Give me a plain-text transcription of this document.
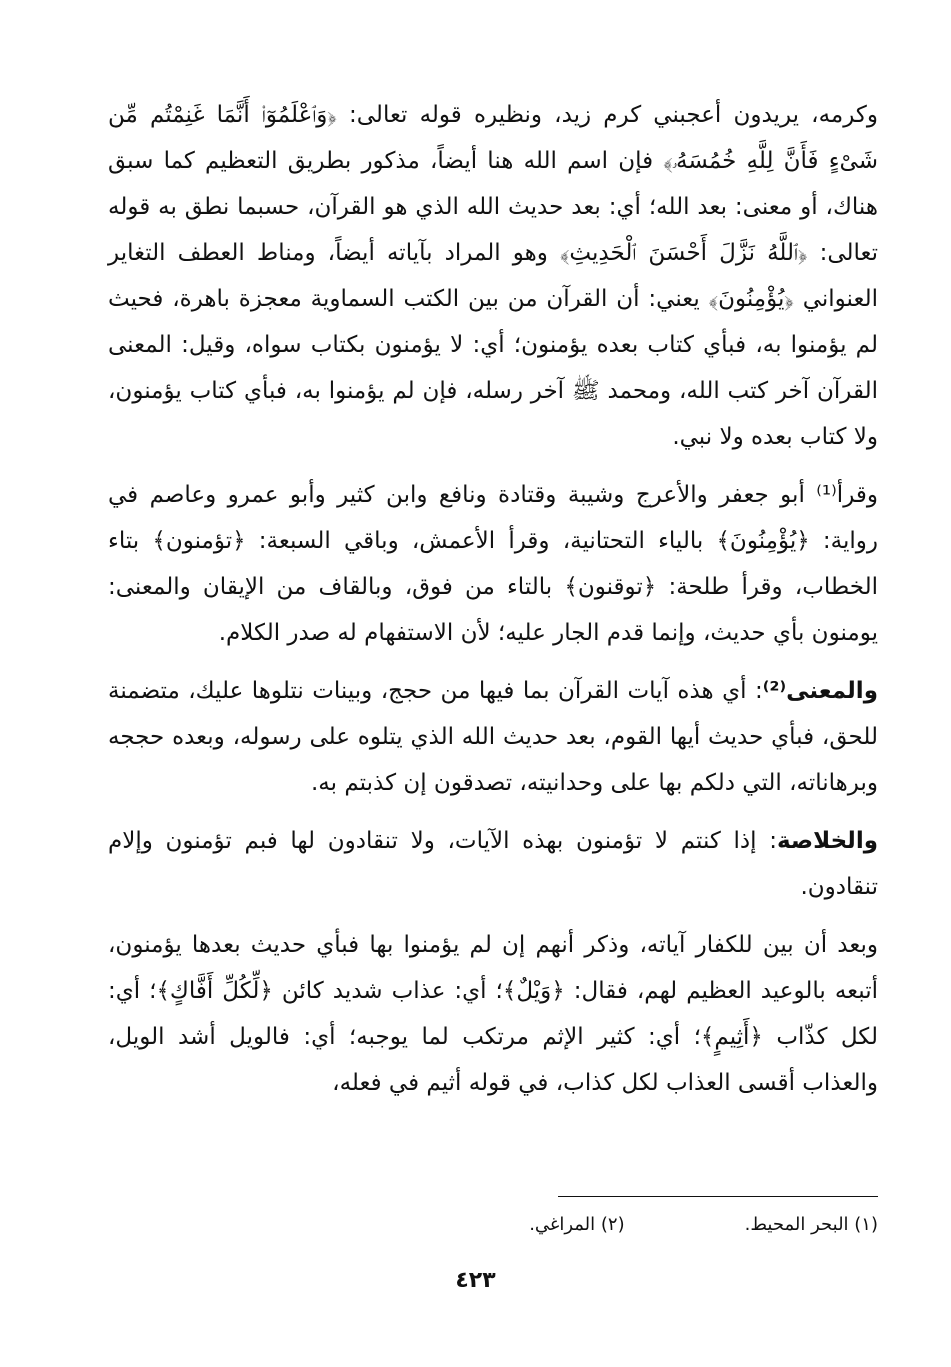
وكرمه، يريدون أعجبني كرم زيد، ونظيره قوله تعالى: ﴿وَٱعْلَمُوٓا۟ أَنَّمَا غَنِمْتُم مِّن شَىْءٍ فَأَنَّ لِلَّهِ خُمُسَهُۥ﴾ فإن اسم الله هنا أيضاً، مذكور بطريق التعظيم كما سبق هناك، أو معنى: بعد الله؛ أي: بعد حديث الله الذي هو القرآن، حسبما نطق به قوله تعالى: ﴿ٱللَّهُ نَزَّلَ أَحْسَنَ ٱلْحَدِيثِ﴾ وهو المراد بآياته أيضاً، ومناط العطف التغاير العنواني ﴿يُؤْمِنُونَ﴾ يعني: أن القرآن من بين الكتب السماوية معجزة باهرة، فحيث لم يؤمنوا به، فبأي كتاب بعده يؤمنون؛ أي: لا يؤمنون بكتاب سواه، وقيل: المعنى القرآن آخر كتب الله، ومحمد ﷺ آخر رسله، فإن لم يؤمنوا به، فبأي كتاب يؤمنون، ولا كتاب بعده ولا نبي.

وقرأ⁽¹⁾ أبو جعفر والأعرج وشيبة وقتادة ونافع وابن كثير وأبو عمرو وعاصم في رواية: ﴿يُؤْمِنُونَ﴾ بالياء التحتانية، وقرأ الأعمش، وباقي السبعة: ﴿تؤمنون﴾ بتاء الخطاب، وقرأ طلحة: ﴿توقنون﴾ بالتاء من فوق، وبالقاف من الإيقان والمعنى: يومنون بأي حديث، وإنما قدم الجار عليه؛ لأن الاستفهام له صدر الكلام.

والمعنى⁽²⁾: أي هذه آيات القرآن بما فيها من حجج، وبينات نتلوها عليك، متضمنة للحق، فبأي حديث أيها القوم، بعد حديث الله الذي يتلوه على رسوله، وبعده حججه وبرهاناته، التي دلكم بها على وحدانيته، تصدقون إن كذبتم به.

والخلاصة: إذا كنتم لا تؤمنون بهذه الآيات، ولا تنقادون لها فبم تؤمنون وإلام تنقادون.

وبعد أن بين للكفار آياته، وذكر أنهم إن لم يؤمنوا بها فبأي حديث بعدها يؤمنون، أتبعه بالوعيد العظيم لهم، فقال: ﴿وَيْلٌ﴾؛ أي: عذاب شديد كائن ﴿لِّكُلِّ أَفَّاكٍ﴾؛ أي: لكل كذّاب ﴿أَثِيمٍ﴾؛ أي: كثير الإثم مرتكب لما يوجبه؛ أي: فالويل أشد الويل، والعذاب أقسى العذاب لكل كذاب، في قوله أثيم في فعله،

(١) البحر المحيط.
(٢) المراغي.
٤٢٣
